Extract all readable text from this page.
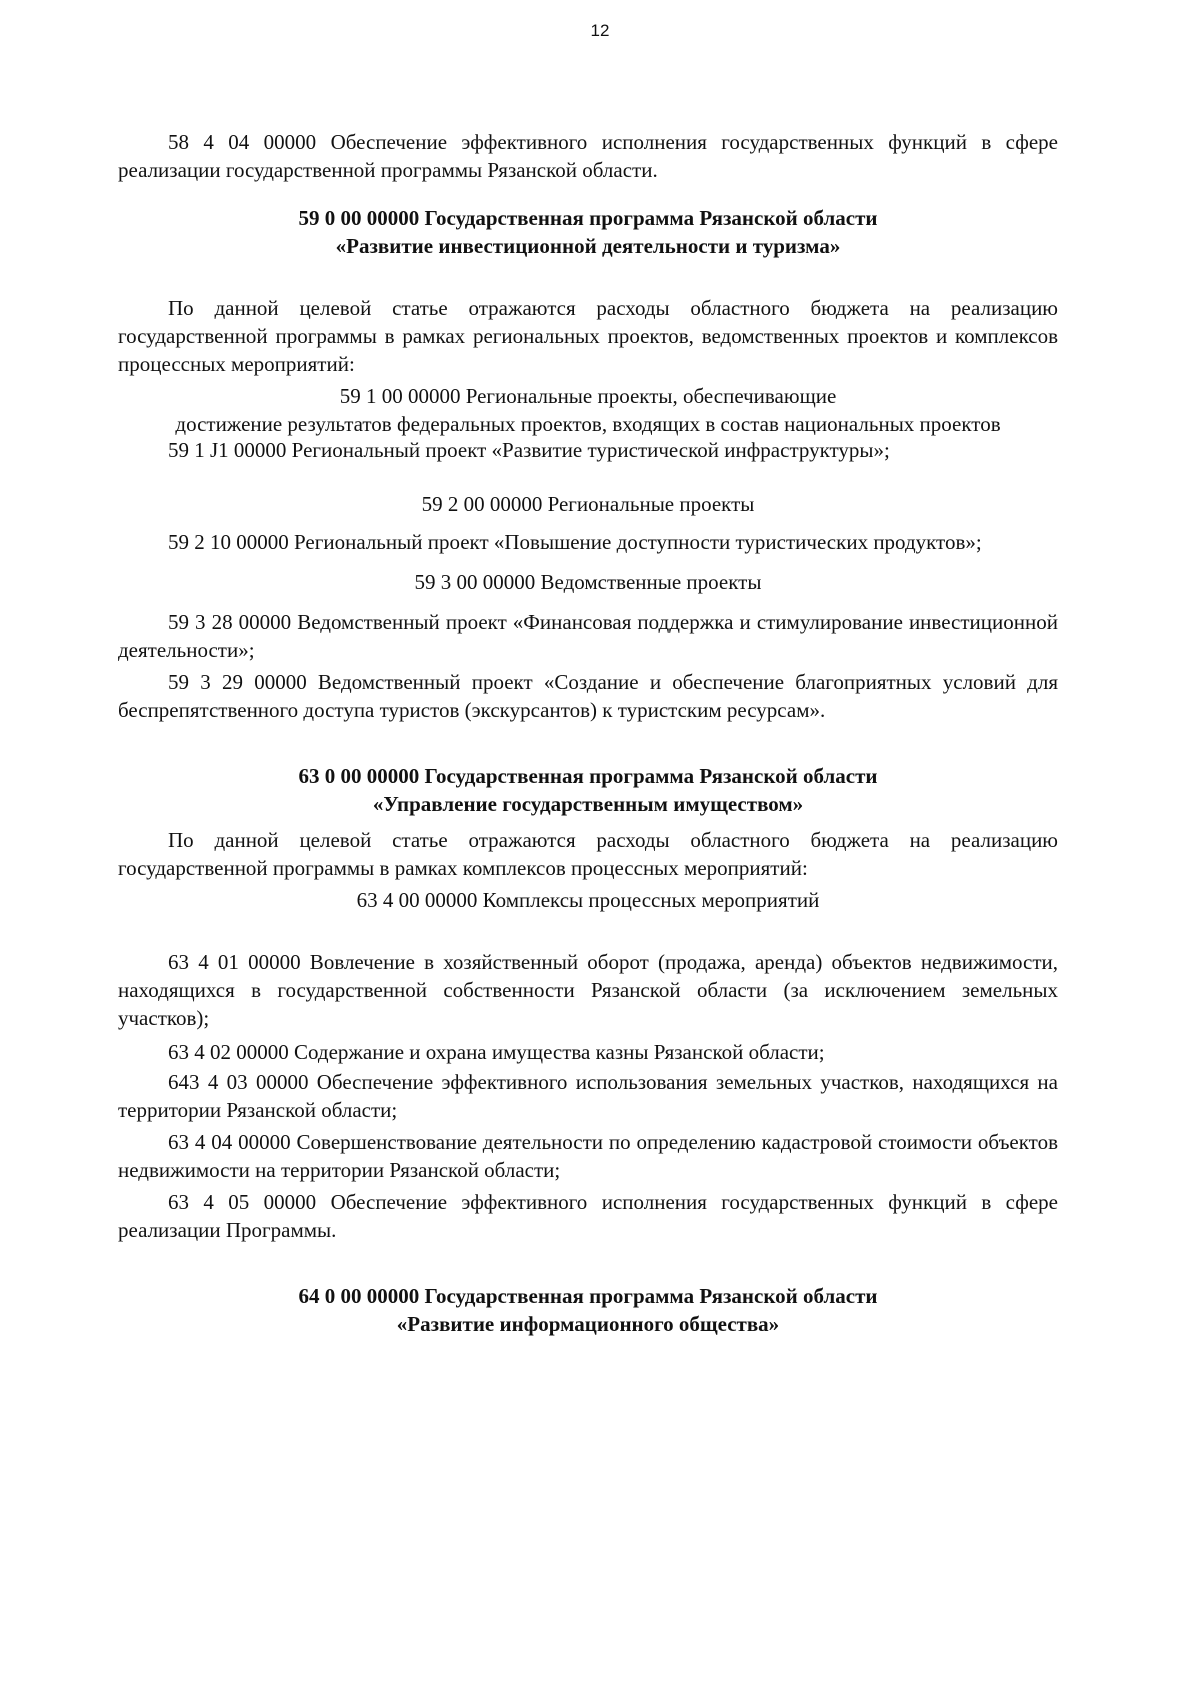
12

58 4 04 00000 Обеспечение эффективного исполнения государственных функций в сфере реализации государственной программы Рязанской области.

59 0 00 00000 Государственная программа Рязанской области
«Развитие инвестиционной деятельности и туризма»

По данной целевой статье отражаются расходы областного бюджета на реализацию государственной программы в рамках региональных проектов, ведомственных проектов и комплексов процессных мероприятий:

59 1 00 00000 Региональные проекты, обеспечивающие
достижение результатов федеральных проектов, входящих в состав национальных проектов

59 1 J1 00000 Региональный проект «Развитие туристической инфраструктуры»;

59 2 00 00000 Региональные проекты

59 2 10 00000 Региональный проект «Повышение доступности туристических продуктов»;

59 3 00 00000 Ведомственные проекты

59 3 28 00000 Ведомственный проект «Финансовая поддержка и стимулирование инвестиционной деятельности»;

59 3 29 00000 Ведомственный проект «Создание и обеспечение благоприятных условий для беспрепятственного доступа туристов (экскурсантов) к туристским ресурсам».

63 0 00 00000 Государственная программа Рязанской области
«Управление государственным имуществом»

По данной целевой статье отражаются расходы областного бюджета на реализацию государственной программы в рамках комплексов процессных мероприятий:

63 4 00 00000 Комплексы процессных мероприятий

63 4 01 00000 Вовлечение в хозяйственный оборот (продажа, аренда) объектов недвижимости, находящихся в государственной собственности Рязанской области (за исключением земельных участков);

63 4 02 00000 Содержание и охрана имущества казны Рязанской области;

643 4 03 00000 Обеспечение эффективного использования земельных участков, находящихся на территории Рязанской области;

63 4 04 00000 Совершенствование деятельности по определению кадастровой стоимости объектов недвижимости на территории Рязанской области;

63 4 05 00000 Обеспечение эффективного исполнения государственных функций в сфере реализации Программы.

64 0 00 00000 Государственная программа Рязанской области
«Развитие информационного общества»
